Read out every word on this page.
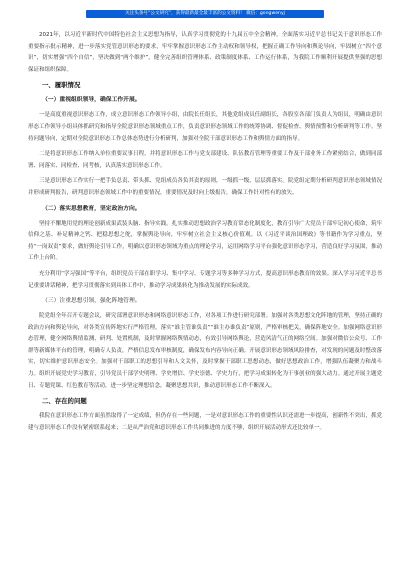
关注头条号“公文研究”，获得最新最全最丰富的公文资料！ 微信：gongwenyj

2021年，以习近平新时代中国特色社会主义思想为指导，认真学习贯彻党的十九届五中全会精神，全面落实习近平总书记关于意识形态工作重要指示批示精神，进一步落实党管意识形态的要求，牢牢掌握意识形态工作主动权和领导权，把握正确工作导向和舆论导向，牢固树立“四个意识”，切实增强“四个自信”，坚决做到“两个维护”，健全完善组织管理体系、政策制度体系、工作运行体系，为我院工作顺利开展提供坚强的思想保证和组织保障。

一、履职情况
（一）重视组织领导，确保工作开展。

一是高度重视意识形态工作，成立意识形态工作领导小组，由院长任组长，其他党组成员任副组长，各股室各部门负责人为组员，明确由意识形态工作领导小组具体抓研究和指导全院意识形态领域重点工作，负责意识形态领域工作的统筹协调、督促检查、舆情预警和分析研判等工作。坚持问题导向，定期对全院意识形态工作总体态势进行分析研判，加强对全院干部意识形态工作和舆情方面的指导。

二是将意识形态工作纳入单位重要议事日程，并将意识形态工作与党支部建设、队伍教育管理等重要工作及干部业务工作紧密结合，做到同部署、同落实、同检查、同考核，认真落实意识形态工作。

三是意识形态工作实行一把手负总责、带头抓、党组成员各负其责的原则，一级抓一级，层层抓落实。院党组定期分析研判意识形态领域情况并形成研判报告，研判意识形态领域工作中的重要情况，重要情况及时向上级报告，确保工作针对性有的放矢。

（二）落实思想教育，坚定政治方向。

坚持不懈地用党的理论创新成果武装头脑、指导实践。扎实推动思想政治学习教育常态化制度化，教育引导广大党员干部牢记初心使命，筑牢信仰之基、补足精神之钙、把稳思想之舵，掌握舆论导向，牢牢树立社会主义核心价值观。以《习近平谈治国理政》等书籍作为学习重点，坚持“一岗双责”要求，做好舆论引导工作，明确以意识形态领域为重点的理论学习，运用网络学习平台强化意识形态学习，营造良好学习氛围，推动工作上台阶。

充分利用“学习强国”等平台，组织党员干部在职学习、集中学习、专题学习等多种学习方式，提高意识形态教育的效果。深入学习习近平总书记重要讲话精神，把学习贯彻落实到具体工作中，推动学习成果转化为推动发展的实际成效。

（三）注重思想引领，强化阵地管理。

院党组全年召开专题会议，研究部署意识形态和网络意识形态工作，对各项工作进行研究部署。加强对各类思想文化阵地的管理，坚持正确的政治方向和舆论导向，对各类宣传阵地实行严格管理，落实“谁主管谁负责”“谁主办谁负责”原则，严格审核把关，确保阵地安全。加强网络意识形态管理，健全网络舆情监测、研判、处置机制，及时掌握网络舆情动态，有效引导网络舆论，营造风清气正的网络空间。加强对微信公众号、工作群等新媒体平台的管理，明确专人负责，严格信息发布审核制度，确保发布内容导向正确。开展意识形态领域风险排查，对发现的问题及时整改落实，切实维护意识形态安全。加强对干部职工的思想引导和人文关怀，及时掌握干部职工思想动态，做好思想政治工作，增强队伍凝聚力和战斗力。组织开展党史学习教育，引导党员干部学史明理、学史增信、学史崇德、学史力行，把学习成果转化为干事创业的强大动力。通过开展主题党日、专题党课、红色教育等活动，进一步坚定理想信念，凝聚思想共识，推动意识形态工作不断深入。

二、存在的问题

我院在意识形态工作方面虽然取得了一定成绩，但仍存在一些问题，一是对意识形态工作的重要性认识还需进一步提高，创新性不突出，抓党建与意识形态工作没有紧密联系起来；二是从严治党和意识形态工作共同推进的力度不够，组织开展活动形式还比较单一。
